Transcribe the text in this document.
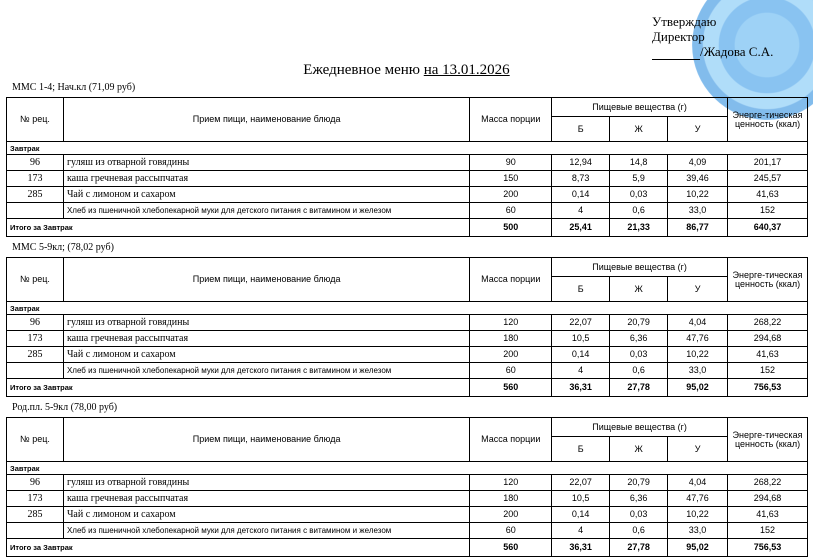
Утверждаю
Директор
/Жадова С.А.
Ежедневное меню на 13.01.2026
ММС 1-4; Нач.кл (71,09 руб)
№ рец.	Прием пищи, наименование блюда	Масса порции	Пищевые вещества (г)			Энерге-тическая ценность (ккал)
			Б	Ж	У	
Завтрак						
96	гуляш из отварной говядины	90	12,94	14,8	4,09	201,17
173	каша гречневая рассыпчатая	150	8,73	5,9	39,46	245,57
285	Чай с лимоном и сахаром	200	0,14	0,03	10,22	41,63
	Хлеб из пшеничной хлебопекарной муки для детского питания с витамином и железом	60	4	0,6	33,0	152
Итого за Завтрак		500	25,41	21,33	86,77	640,37
ММС 5-9кл; (78,02 руб)
№ рец.	Прием пищи, наименование блюда	Масса порции	Пищевые вещества (г)			Энерге-тическая ценность (ккал)
			Б	Ж	У	
Завтрак						
96	гуляш из отварной говядины	120	22,07	20,79	4,04	268,22
173	каша гречневая рассыпчатая	180	10,5	6,36	47,76	294,68
285	Чай с лимоном и сахаром	200	0,14	0,03	10,22	41,63
	Хлеб из пшеничной хлебопекарной муки для детского питания с витамином и железом	60	4	0,6	33,0	152
Итого за Завтрак		560	36,31	27,78	95,02	756,53
Род.пл. 5-9кл (78,00 руб)
№ рец.	Прием пищи, наименование блюда	Масса порции	Пищевые вещества (г)			Энерге-тическая ценность (ккал)
			Б	Ж	У	
Завтрак						
96	гуляш из отварной говядины	120	22,07	20,79	4,04	268,22
173	каша гречневая рассыпчатая	180	10,5	6,36	47,76	294,68
285	Чай с лимоном и сахаром	200	0,14	0,03	10,22	41,63
	Хлеб из пшеничной хлебопекарной муки для детского питания с витамином и железом	60	4	0,6	33,0	152
Итого за Завтрак		560	36,31	27,78	95,02	756,53
